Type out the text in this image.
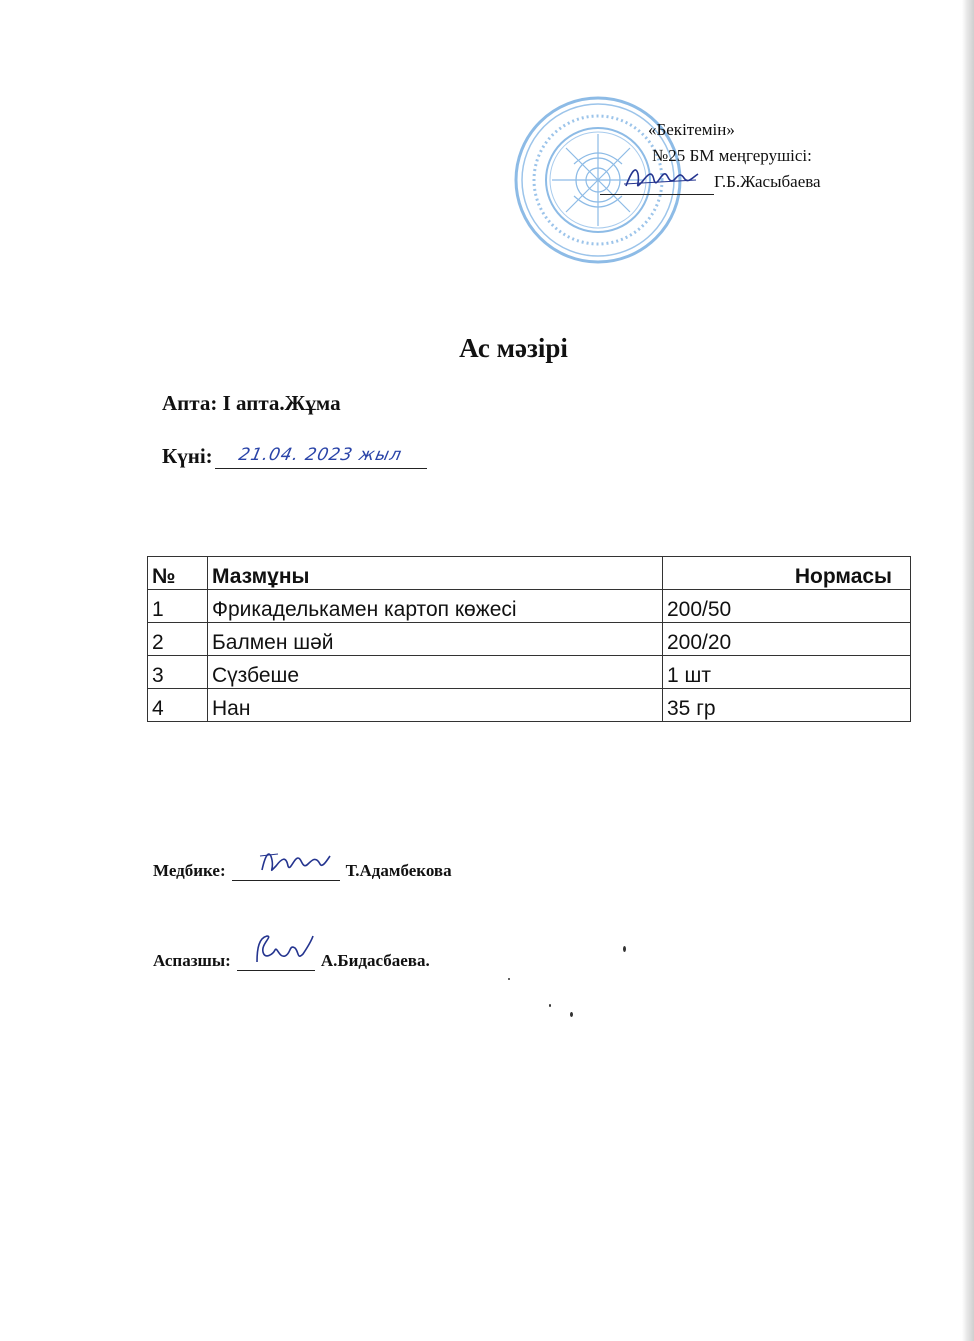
«Бекітемін»
№25 БМ меңгерушісі:
Г.Б.Жасыбаева
Ас мәзірі
Апта: І апта.Жұма
Күні: 21.04. 2023 жыл
№	Мазмұны	Нормасы
1	Фрикаделькамен картоп көжесі	200/50
2	Балмен шәй	200/20
3	Сүзбеше	1 шт
4	Нан	35 гр
Медбике:	Т.Адамбекова
Аспазшы:	А.Бидасбаева.
